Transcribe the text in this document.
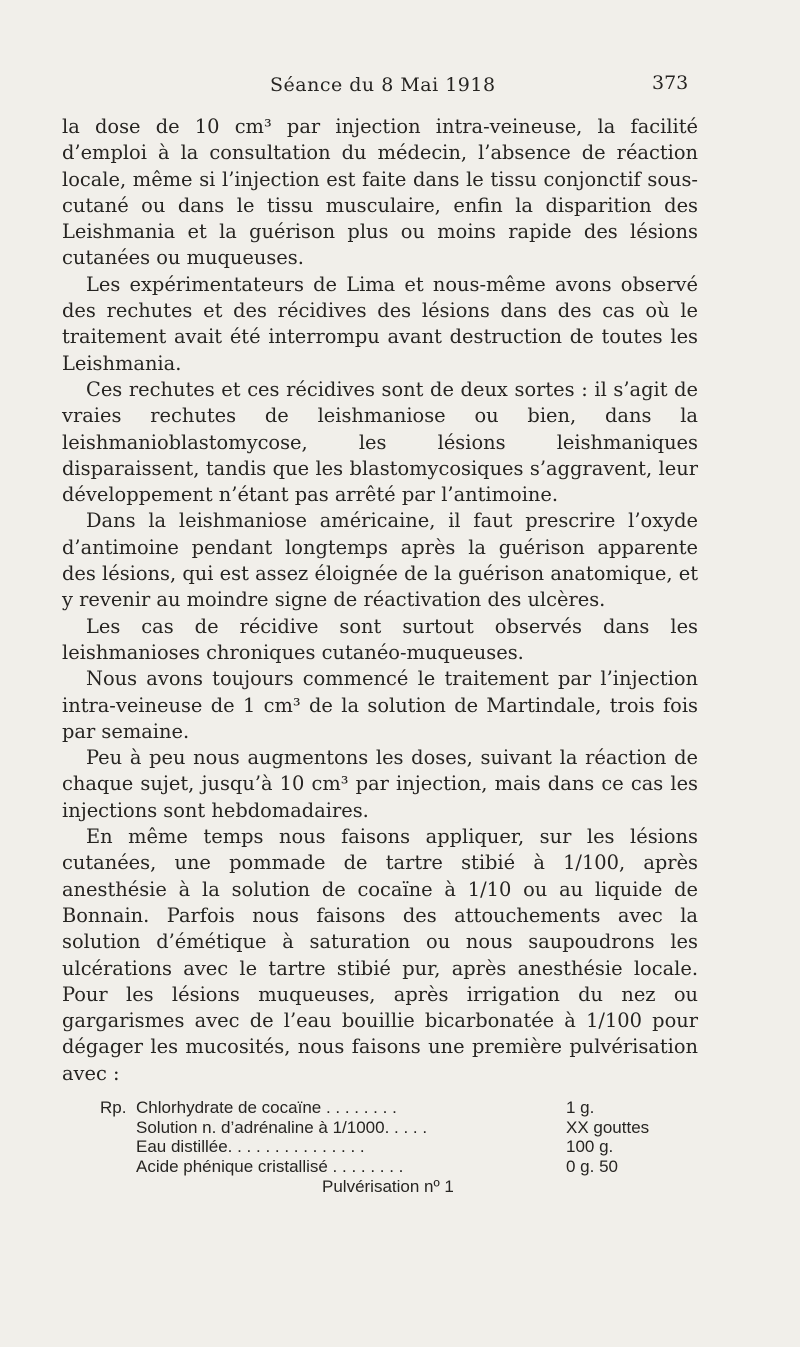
Séance du 8 Mai 1918	373

la dose de 10 cm³ par injection intra-veineuse, la facilité d’emploi à la consultation du médecin, l’absence de réaction locale, même si l’injection est faite dans le tissu conjonctif sous-cutané ou dans le tissu musculaire, enfin la disparition des Leishmania et la guérison plus ou moins rapide des lésions cutanées ou muqueuses.

Les expérimentateurs de Lima et nous-même avons observé des rechutes et des récidives des lésions dans des cas où le traitement avait été interrompu avant destruction de toutes les Leishmania.

Ces rechutes et ces récidives sont de deux sortes : il s’agit de vraies rechutes de leishmaniose ou bien, dans la leishmanioblastomycose, les lésions leishmaniques disparaissent, tandis que les blastomycosiques s’aggravent, leur développement n’étant pas arrêté par l’antimoine.

Dans la leishmaniose américaine, il faut prescrire l’oxyde d’antimoine pendant longtemps après la guérison apparente des lésions, qui est assez éloignée de la guérison anatomique, et y revenir au moindre signe de réactivation des ulcères.

Les cas de récidive sont surtout observés dans les leishmanioses chroniques cutanéo-muqueuses.

Nous avons toujours commencé le traitement par l’injection intra-veineuse de 1 cm³ de la solution de Martindale, trois fois par semaine.

Peu à peu nous augmentons les doses, suivant la réaction de chaque sujet, jusqu’à 10 cm³ par injection, mais dans ce cas les injections sont hebdomadaires.

En même temps nous faisons appliquer, sur les lésions cutanées, une pommade de tartre stibié à 1/100, après anesthésie à la solution de cocaïne à 1/10 ou au liquide de Bonnain. Parfois nous faisons des attouchements avec la solution d’émétique à saturation ou nous saupoudrons les ulcérations avec le tartre stibié pur, après anesthésie locale. Pour les lésions muqueuses, après irrigation du nez ou gargarismes avec de l’eau bouillie bicarbonatée à 1/100 pour dégager les mucosités, nous faisons une première pulvérisation avec :

Rp. Chlorhydrate de cocaïne . . . . . . . .	1 g.
Solution n. d’adrénaline à 1/1000. . . . .	XX gouttes
Eau distillée. . . . . . . . . . . . . . .	100 g.
Acide phénique cristallisé . . . . . . . .	0 g. 50
Pulvérisation nº 1
